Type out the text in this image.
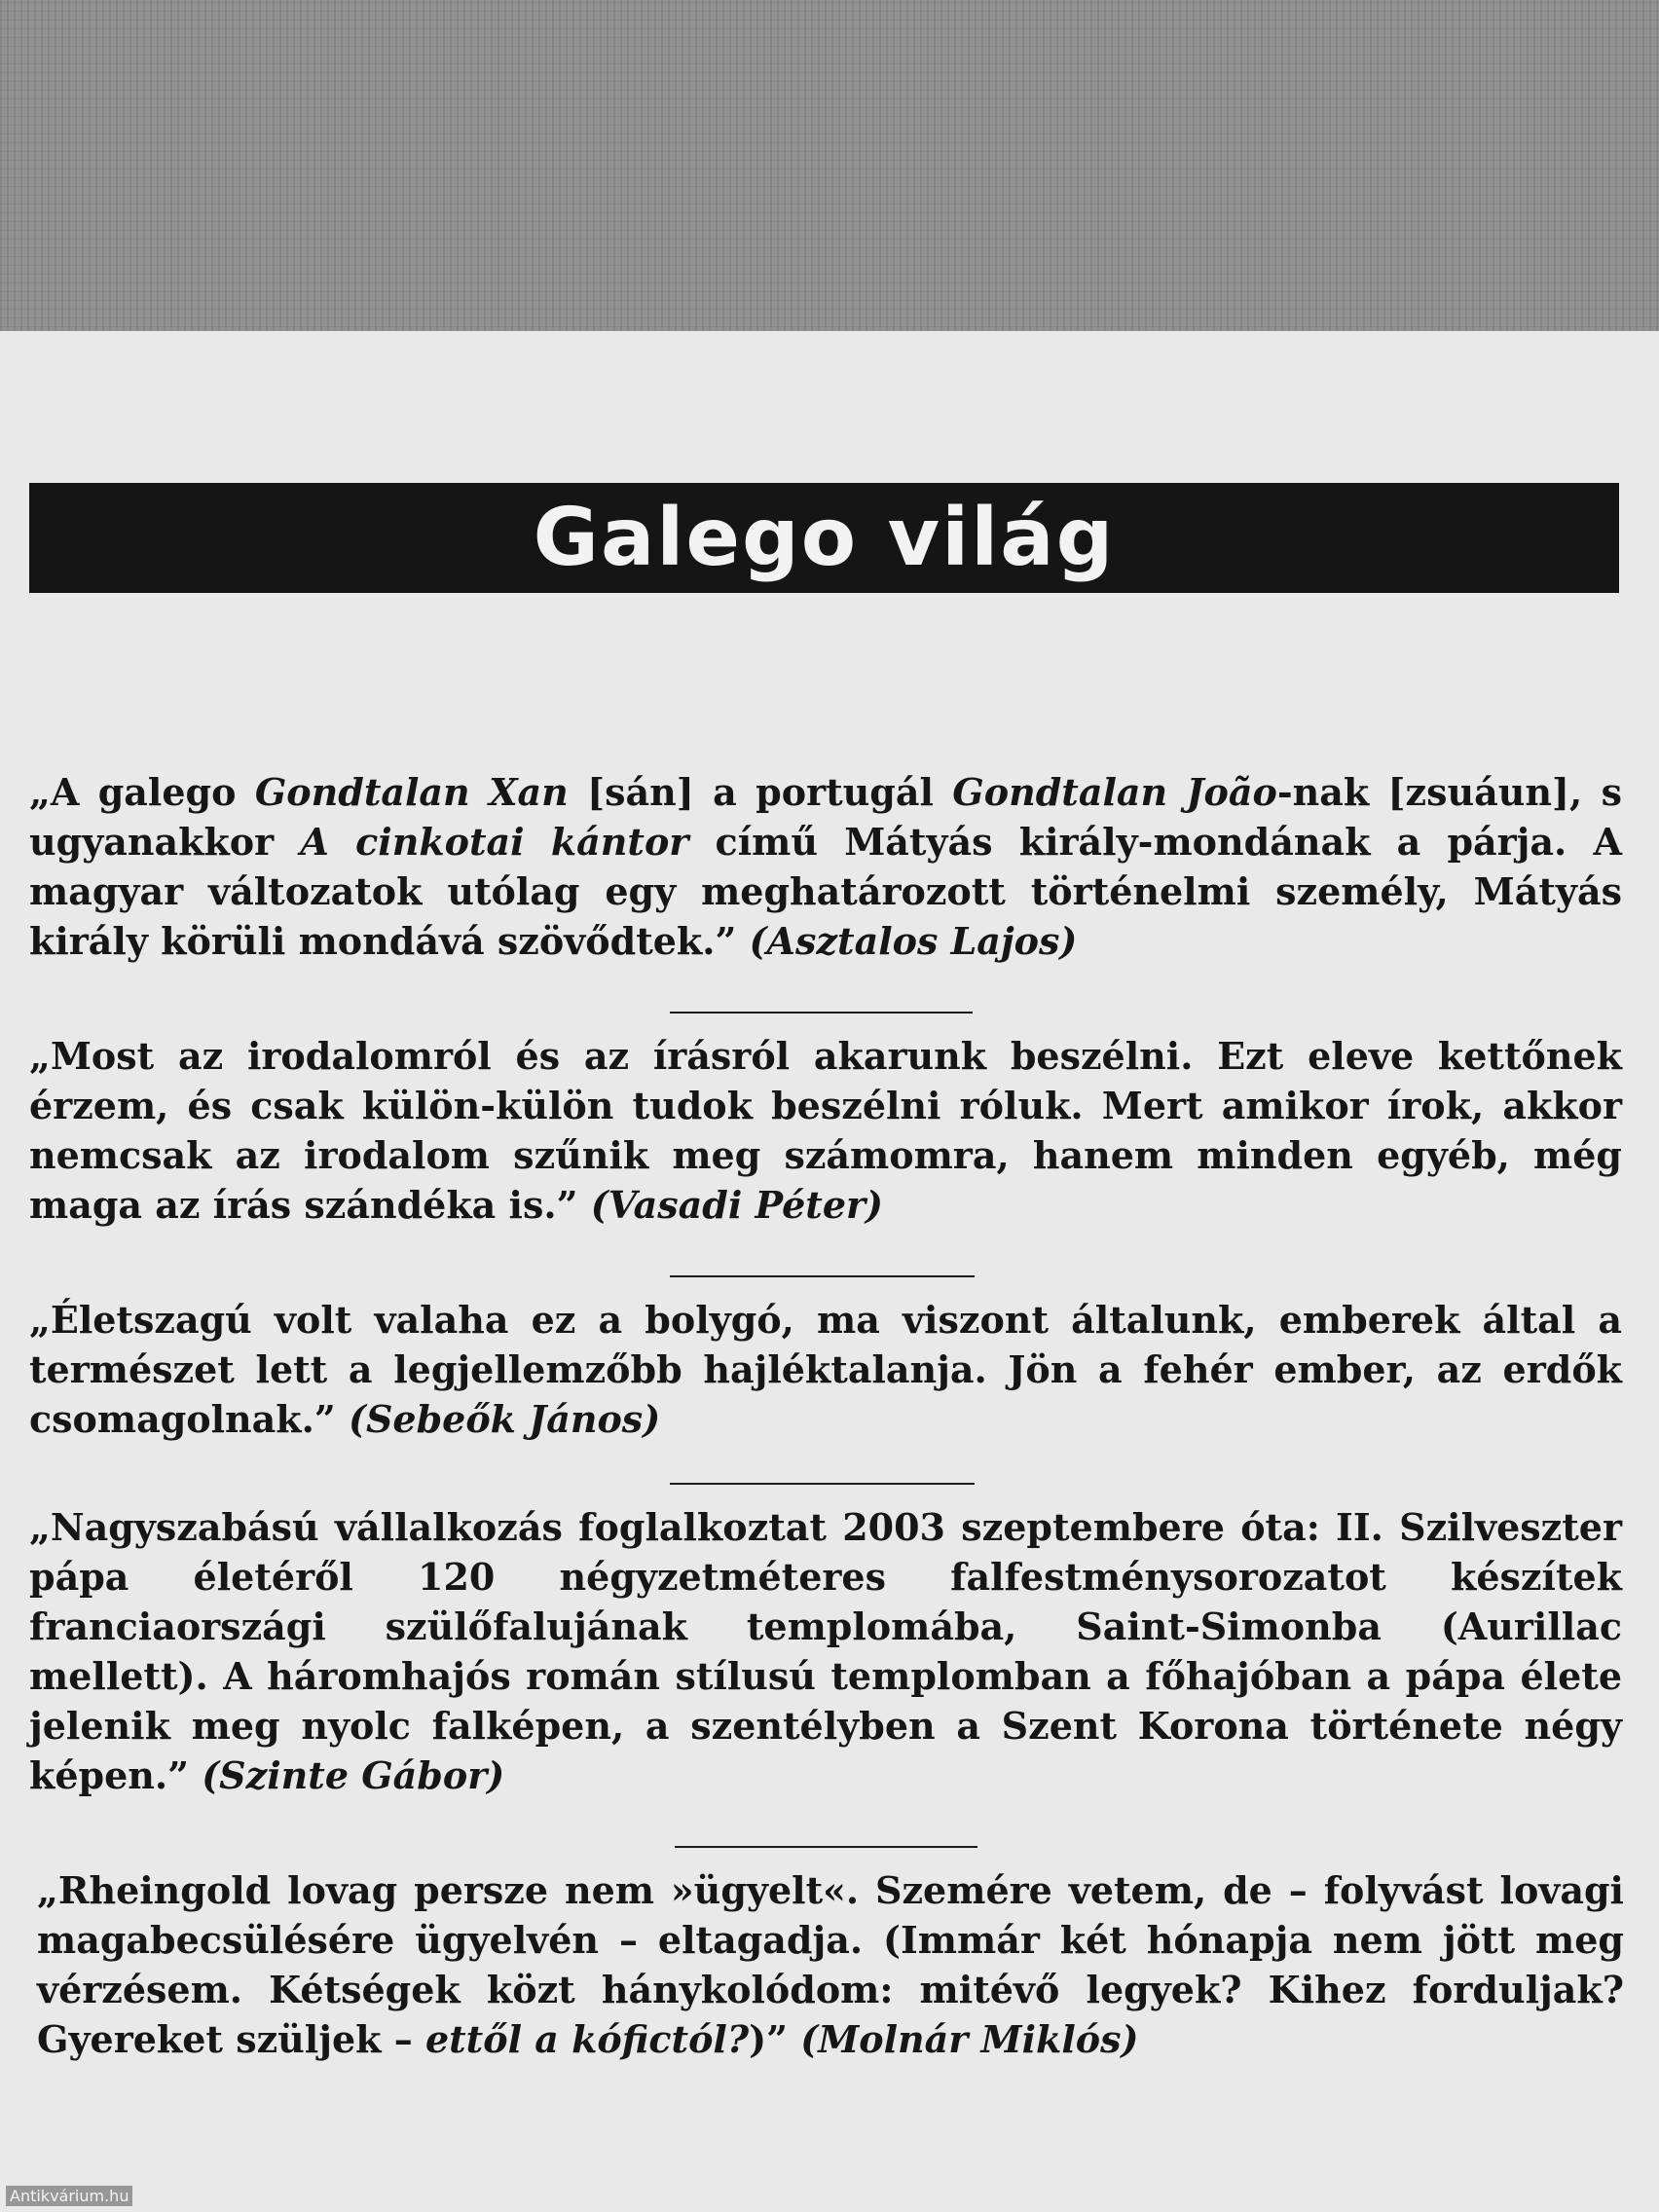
Galego világ
„A galego Gondtalan Xan [sán] a portugál Gondtalan João-nak [zsuáun], s ugyanakkor A cinkotai kántor című Mátyás király-mondának a párja. A magyar változatok utólag egy meghatározott történelmi személy, Mátyás király körüli mondává szövődtek.” (Asztalos Lajos)
„Most az irodalomról és az írásról akarunk beszélni. Ezt eleve kettőnek érzem, és csak külön-külön tudok beszélni róluk. Mert amikor írok, akkor nemcsak az irodalom szűnik meg számomra, hanem minden egyéb, még maga az írás szándéka is.” (Vasadi Péter)
„Életszagú volt valaha ez a bolygó, ma viszont általunk, emberek által a természet lett a legjellemzőbb hajléktalanja. Jön a fehér ember, az erdők csomagolnak.” (Sebeők János)
„Nagyszabású vállalkozás foglalkoztat 2003 szeptembere óta: II. Szilveszter pápa életéről 120 négyzetméteres falfestménysorozatot készítek franciaországi szülőfalujának templomába, Saint-Simonba (Aurillac mellett). A háromhajós román stílusú templomban a főhajóban a pápa élete jelenik meg nyolc falképen, a szentélyben a Szent Korona története négy képen.” (Szinte Gábor)
„Rheingold lovag persze nem »ügyelt«. Szemére vetem, de – folyvást lovagi magabecsülésére ügyelvén – eltagadja. (Immár két hónapja nem jött meg vérzésem. Kétségek közt hánykolódom: mitévő legyek? Kihez forduljak? Gyereket szüljek – ettől a kófictól?)” (Molnár Miklós)
Antikvárium.hu
